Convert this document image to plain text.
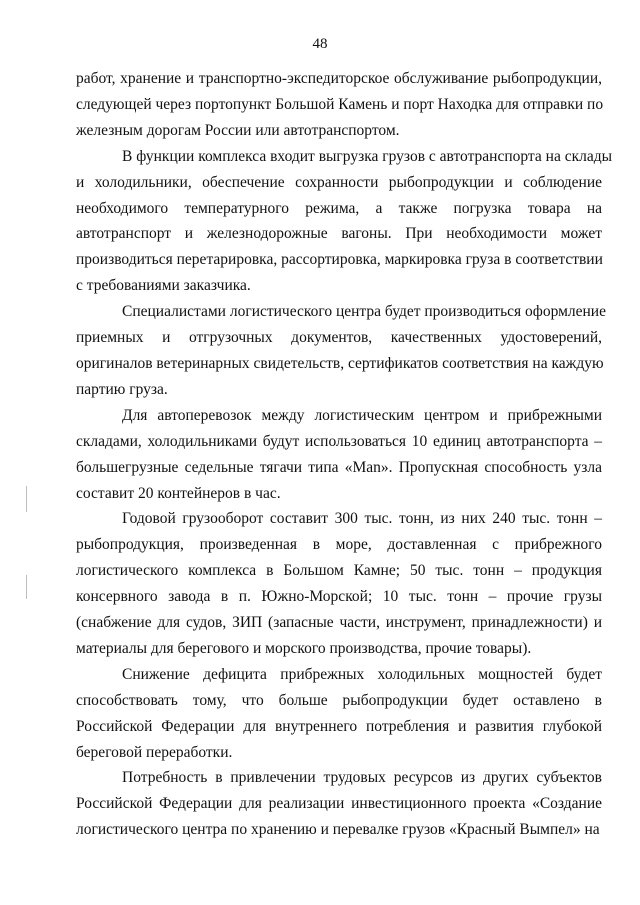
48
работ, хранение и транспортно-экспедиторское обслуживание рыбопродукции,
следующей через портопункт Большой Камень и порт Находка для отправки по
железным дорогам России или автотранспортом.
В функции комплекса входит выгрузка грузов с автотранспорта на склады
и холодильники, обеспечение сохранности рыбопродукции и соблюдение
необходимого температурного режима, а также погрузка товара на
автотранспорт и железнодорожные вагоны. При необходимости может
производиться перетарировка, рассортировка, маркировка груза в соответствии
с требованиями заказчика.
Специалистами логистического центра будет производиться оформление
приемных и отгрузочных документов, качественных удостоверений,
оригиналов ветеринарных свидетельств, сертификатов соответствия на каждую
партию груза.
Для автоперевозок между логистическим центром и прибрежными
складами, холодильниками будут использоваться 10 единиц автотранспорта –
большегрузные седельные тягачи типа «Man». Пропускная способность узла
составит 20 контейнеров в час.
Годовой грузооборот составит 300 тыс. тонн, из них 240 тыс. тонн –
рыбопродукция, произведенная в море, доставленная с прибрежного
логистического комплекса в Большом Камне; 50 тыс. тонн – продукция
консервного завода в п. Южно-Морской; 10 тыс. тонн – прочие грузы
(снабжение для судов, ЗИП (запасные части, инструмент, принадлежности) и
материалы для берегового и морского производства, прочие товары).
Снижение дефицита прибрежных холодильных мощностей будет
способствовать тому, что больше рыбопродукции будет оставлено в
Российской Федерации для внутреннего потребления и развития глубокой
береговой переработки.
Потребность в привлечении трудовых ресурсов из других субъектов
Российской Федерации для реализации инвестиционного проекта «Создание
логистического центра по хранению и перевалке грузов «Красный Вымпел» на
